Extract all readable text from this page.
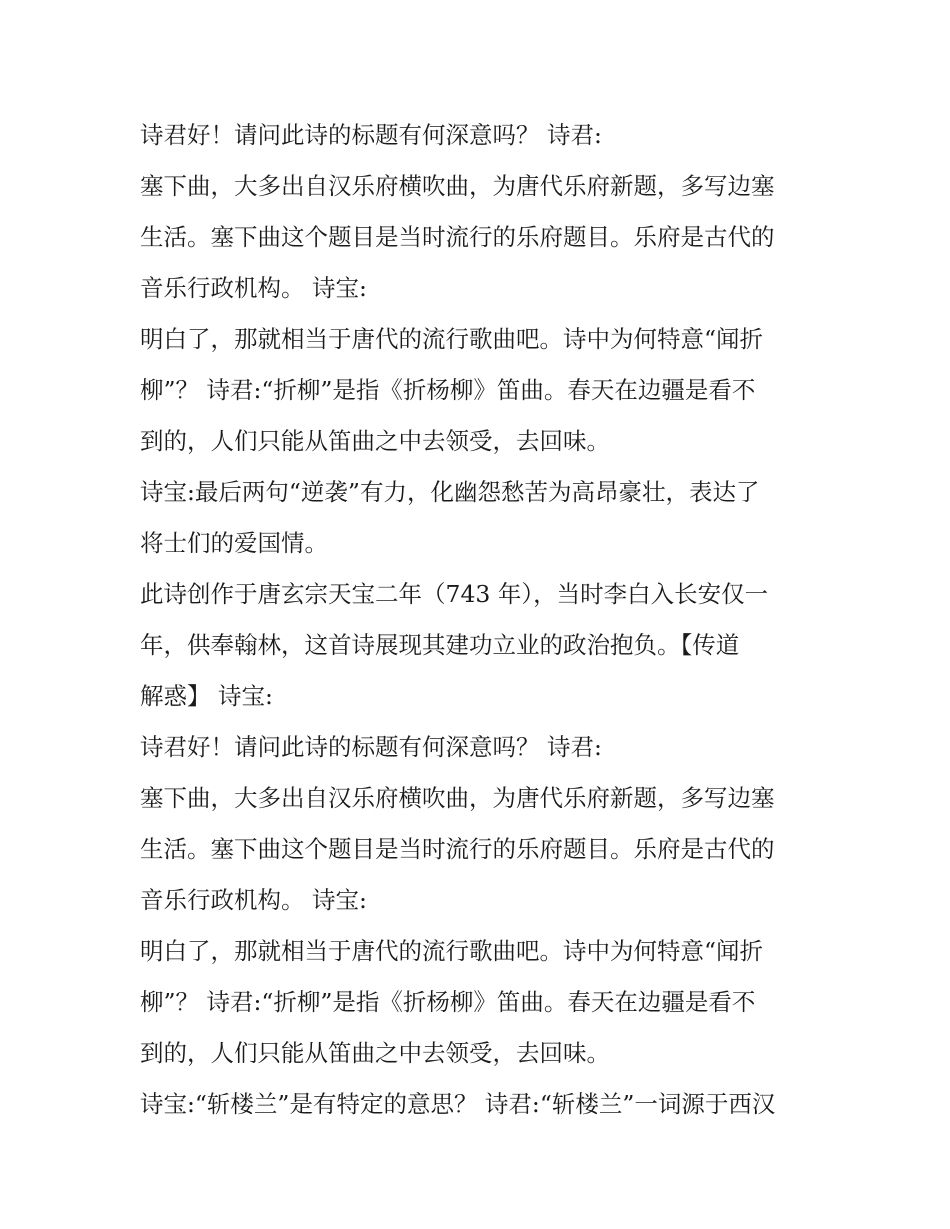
诗君好！请问此诗的标题有何深意吗？ 诗君:
塞下曲，大多出自汉乐府横吹曲，为唐代乐府新题，多写边塞
生活。塞下曲这个题目是当时流行的乐府题目。乐府是古代的
音乐行政机构。 诗宝:
明白了，那就相当于唐代的流行歌曲吧。诗中为何特意“闻折
柳”？ 诗君:“折柳”是指《折杨柳》笛曲。春天在边疆是看不
到的，人们只能从笛曲之中去领受，去回味。
诗宝:最后两句“逆袭”有力，化幽怨愁苦为高昂豪壮，表达了
将士们的爱国情。
此诗创作于唐玄宗天宝二年（743 年），当时李白入长安仅一
年，供奉翰林，这首诗展现其建功立业的政治抱负。【传道
解惑】 诗宝:
诗君好！请问此诗的标题有何深意吗？ 诗君:
塞下曲，大多出自汉乐府横吹曲，为唐代乐府新题，多写边塞
生活。塞下曲这个题目是当时流行的乐府题目。乐府是古代的
音乐行政机构。 诗宝:
明白了，那就相当于唐代的流行歌曲吧。诗中为何特意“闻折
柳”？ 诗君:“折柳”是指《折杨柳》笛曲。春天在边疆是看不
到的，人们只能从笛曲之中去领受，去回味。
诗宝:“斩楼兰”是有特定的意思？ 诗君:“斩楼兰”一词源于西汉
